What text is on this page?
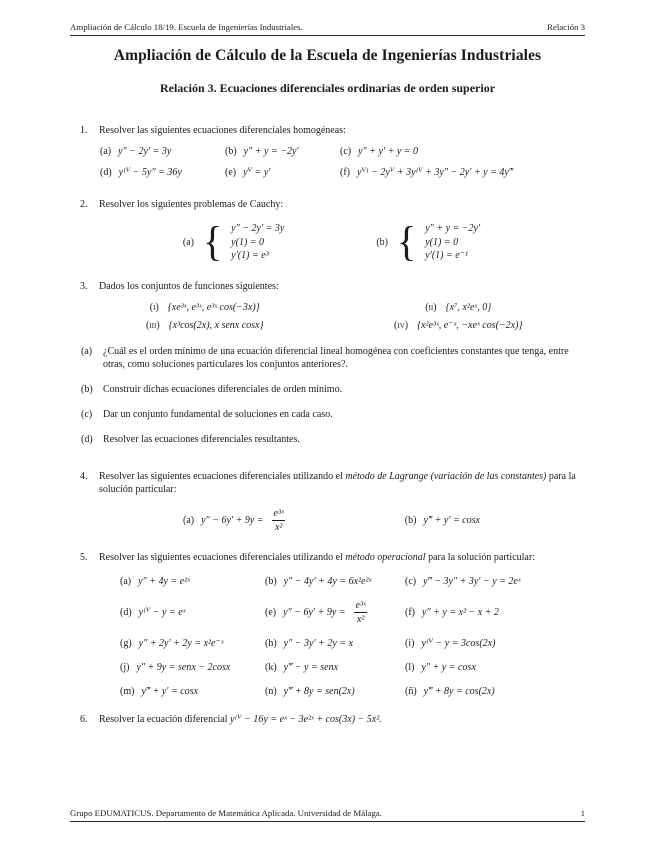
Ampliación de Cálculo 18/19. Escuela de Ingenierías Industriales.	Relación 3
Ampliación de Cálculo de la Escuela de Ingenierías Industriales
Relación 3. Ecuaciones diferenciales ordinarias de orden superior
1. Resolver las siguientes ecuaciones diferenciales homogéneas:
(a) y″ − 2y′ = 3y	(b) y″ + y = −2y′	(c) y″ + y′ + y = 0
(d) yᴵⱽ − 5y″ = 36y	(e) yⱽ = y′	(f) yⱽᴵ − 2yⱽ + 3yᴵⱽ + 3y″ − 2y′ + y = 4y‴
2. Resolver los siguientes problemas de Cauchy:
(a) { y″ − 2y′ = 3y
y(1) = 0
y′(1) = e³
(b) { y″ + y = −2y′
y(1) = 0
y′(1) = e⁻¹
3. Dados los conjuntos de funciones siguientes:
(i) {xe³ˣ, e³ˣ, e³ˣ cos(−3x)}	(ii) {x⁷, x²eˣ, 0}
(iii) {x³cos(2x), x senx cosx}	(iv) {x²e³ˣ, e⁻ˣ, −xeˣ cos(−2x)}
(a) ¿Cuál es el orden mínimo de una ecuación diferencial lineal homogénea con coeficientes constantes que tenga, entre otras, como soluciones particulares los conjuntos anteriores?.
(b) Construir dichas ecuaciones diferenciales de orden mínimo.
(c) Dar un conjunto fundamental de soluciones en cada caso.
(d) Resolver las ecuaciones diferenciales resultantes.
4. Resolver las siguientes ecuaciones diferenciales utilizando el método de Lagrange (variación de las constantes) para la solución particular:
(a) $y'' - 6y' + 9y = \frac{\text{e³ˣ}}{\text{x²}}$	(b) y‴ + y′ = cosx
5. Resolver las siguientes ecuaciones diferenciales utilizando el método operacional para la solución particular:
(a) y″ + 4y = e²ˣ	(b) y″ − 4y′ + 4y = 6x²e²ˣ	(c) y‴ − 3y″ + 3y′ − y = 2eˣ
(d) yᴵⱽ − y = eˣ	(e) $y'' - 6y' + 9y = \frac{\text{e³ˣ}}{\text{x²}}$	(f) y″ + y = x² − x + 2
(g) y″ + 2y′ + 2y = x²e⁻ˣ	(h) y″ − 3y′ + 2y = x	(i) yᴵⱽ − y = 3cos(2x)
(j) y″ + 9y = senx − 2cosx	(k) y‴ − y = senx	(l) y″ + y = cosx
(m) y‴ + y′ = cosx	(n) y‴ + 8y = sen(2x)	(ñ) y‴ + 8y = cos(2x)
6. Resolver la ecuación diferencial yᴵⱽ − 16y = eˣ − 3e²ˣ + cos(3x) − 5x².
Grupo EDUMATICUS. Departamento de Matemática Aplicada. Universidad de Málaga.	1
